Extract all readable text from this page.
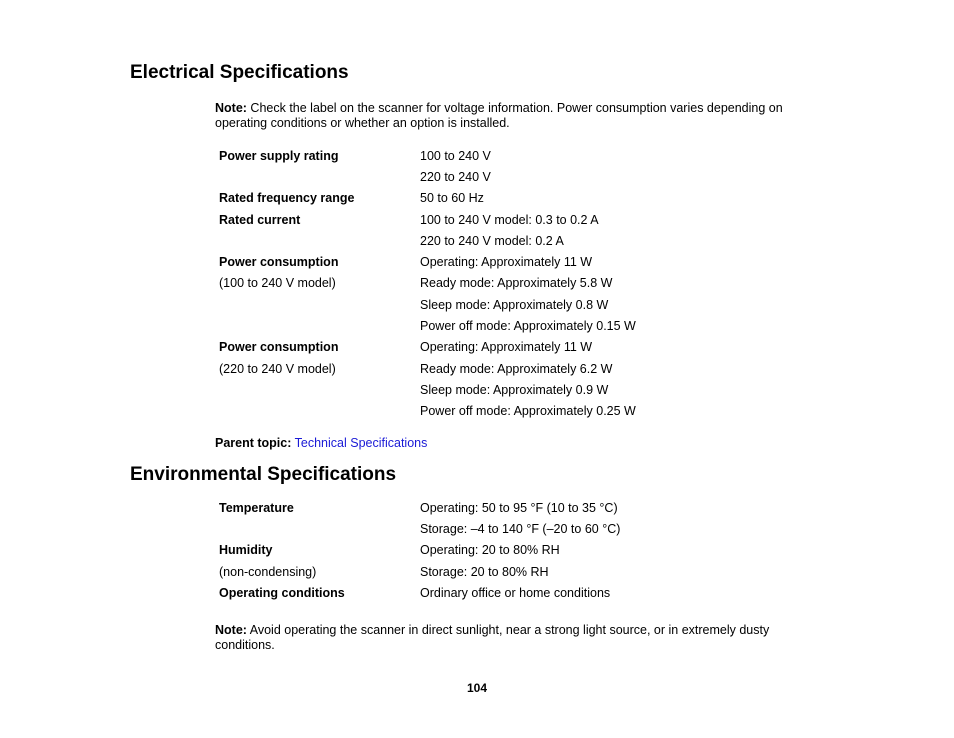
Electrical Specifications

Note: Check the label on the scanner for voltage information. Power consumption varies depending on operating conditions or whether an option is installed.

Power supply rating	100 to 240 V
	220 to 240 V
Rated frequency range	50 to 60 Hz
Rated current	100 to 240 V model: 0.3 to 0.2 A
	220 to 240 V model: 0.2 A
Power consumption	Operating: Approximately 11 W
(100 to 240 V model)	Ready mode: Approximately 5.8 W
	Sleep mode: Approximately 0.8 W
	Power off mode: Approximately 0.15 W
Power consumption	Operating: Approximately 11 W
(220 to 240 V model)	Ready mode: Approximately 6.2 W
	Sleep mode: Approximately 0.9 W
	Power off mode: Approximately 0.25 W

Parent topic: Technical Specifications

Environmental Specifications
Temperature	Operating: 50 to 95 °F (10 to 35 °C)
	Storage: –4 to 140 °F (–20 to 60 °C)
Humidity	Operating: 20 to 80% RH
(non-condensing)	Storage: 20 to 80% RH
Operating conditions	Ordinary office or home conditions

Note: Avoid operating the scanner in direct sunlight, near a strong light source, or in extremely dusty conditions.

104
